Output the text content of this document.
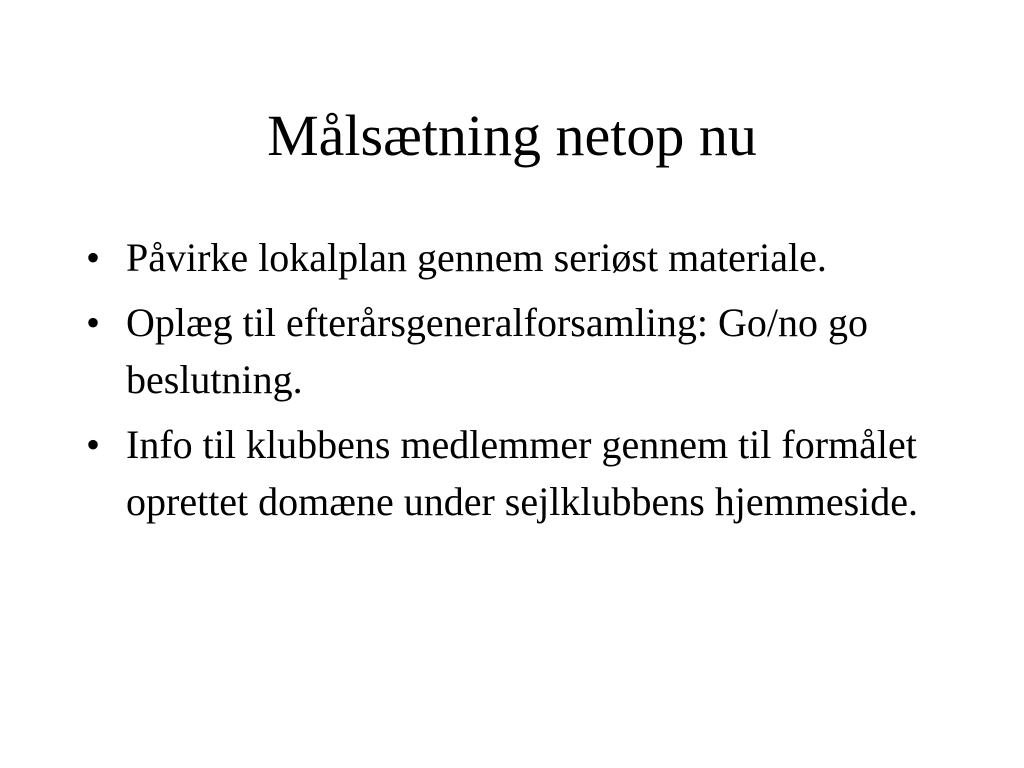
Målsætning netop nu
• Påvirke lokalplan gennem seriøst materiale.
• Oplæg til efterårsgeneralforsamling: Go/no go beslutning.
• Info til klubbens medlemmer gennem til formålet oprettet domæne under sejlklubbens hjemmeside.
